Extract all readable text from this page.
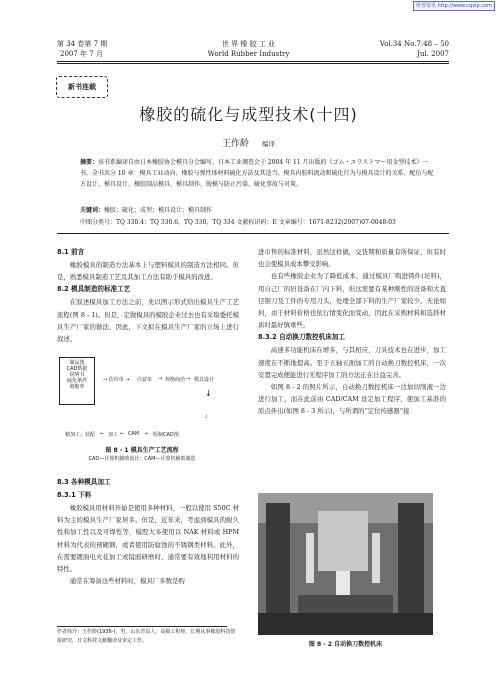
维普资讯 http://www.cqvip.com
第 34 卷第 7 期
2007 年 7 月
世 界 橡 胶 工 业
World Rubber Industry
Vol.34 No.7:48 – 50
Jul. 2007
新书连载
橡胶的硫化与成型技术(十四)
王作龄 编译
摘要：该书系编译自由日本橡胶协会模具分会编写、日本工业调查会于 2004 年 11 月出版的《ゴム・エラストマー用金型技术》一书，全书共分 10 章：模具工业动向、橡胶与弹性体材料硫化方法及其适当、模具内胶料流动和硫化行为与模具设计的关系、配伍与配方设计、模具设计、橡胶制品模具、模具制作、脱模与防止污染、硫化事故与对策。
关键词：橡胶；硫化；成型；模具设计；模具制作
中图分类号：TQ 330.4；TQ 330.6，TQ 330，TQ 334 文献标识码：E 文章编号：1671-8232(2007)07-0048-03
8.1 前言

橡胶模具的制造方法基本上与塑料模具的制造方法相同。但是，熟悉模具制造工艺及其加工方法有助于模具的改进。

8.2 模具制造的标准工艺

在叙述模具加工方法之前，先以图示形式给出模具生产工艺流程(图 8 - 1)。但是，定做模具的模胶企业过去也有采取委托模具生产厂家的做法，因此，下文拟在模具生产厂家的立场上进行叙述。

制品图
CAD数据
说明书
硫化条件
收缩率
→ 估价单 → 注意单 → 规格商洽 → 模具设计
↓
精加工、装配 ← 加工 ← CAM ← 绘制CAD图
┘
图 8 - 1 模具生产工艺流程
CAD—计算机辅助设计；CAM—计算机辅助制造
8.3 各种模具加工
8.3.1 下料

橡胶模具用材料开始是使用多种材料，一般以使用 S50C 材料为主的模具生产厂家居多。但是，近年来，考虑到模具的耐久性和加工性以及可焊性等，模腔大多使用以 NAK 材料或 HPM 材料为代表的预硬钢，或者使用防腐蚀的不锈钢类材料。此外，在需要镀面电火花加工或镜面研磨时，通常要有效地利用材料的特性。

通常在筹备这些材料时，模具厂多数是购

作者简介：王作龄(1936-)，男，山东青岛人，高级工程师，长期从事橡胶科技情报研究，日文科技文献翻译及审定工作。

进市售的标准材料，虽然这样做，交货期和质量有所保证，但有时也会使模具成本攀受影响。

也有些橡胶企业为了降低成本，通过模具厂购进铸件(坯料)，用自己厂的旧设备在厂内下料，但这需要有某种刚性的设备和大直径锯刀及工件的专用刀头，处理全部下料的生产厂家较少。无论如何，由于材料价格也依行情变化而变动，因此在采购材料和选择材质时最好慎重些。

8.3.2 自动换刀数控机床加工

高速多功能机床在增多，与其相应，刀具技术也在进步，加工速度在不断地提高。至于五轴五面加工的自动换刀数控机床，一次安置完成便能进行无程序加工的方法正在日益完善。

如图 8 - 2 的照片所示，自动换刀数控机床一边加切削液一边进行加工，而在此前由 CAD/CAM 设定加工程序，使加工基准的原点伴出(如图 8 - 3 所示)，与所谓的“定位传感器”接

图 8 - 2 自动换刀数控机床
